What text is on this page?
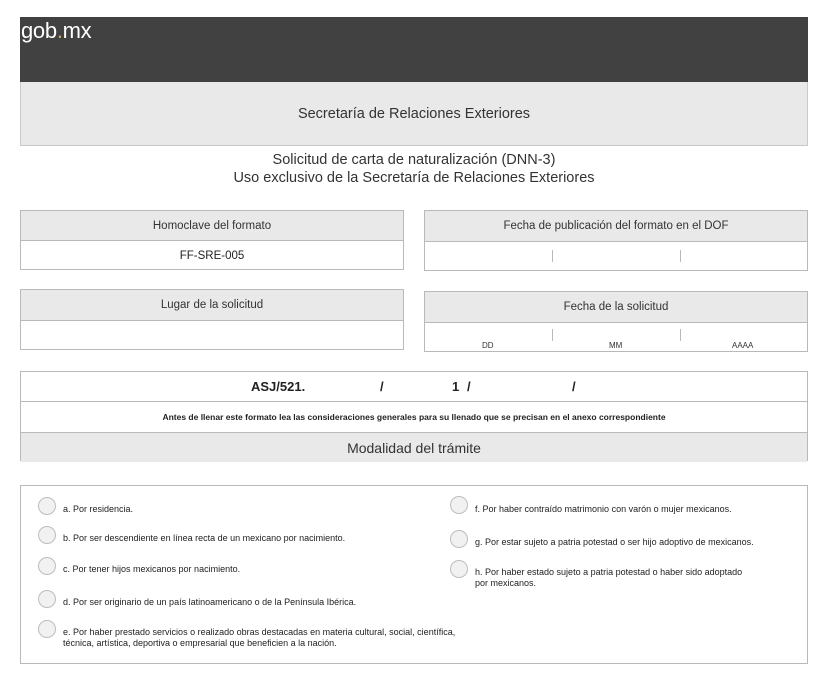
gob.mx
Secretaría de Relaciones Exteriores
Solicitud de carta de naturalización (DNN-3)
Uso exclusivo de la Secretaría de Relaciones Exteriores
Homoclave del formato
FF-SRE-005
Fecha de publicación del formato en el DOF
Lugar de la solicitud	Fecha de la solicitud
DD	MM	AAAA
ASJ/521.	/	1 /	/
Antes de llenar este formato lea las consideraciones generales para su llenado que se precisan en el anexo correspondiente
Modalidad del trámite
a. Por residencia.
b. Por ser descendiente en línea recta de un mexicano por nacimiento.
c. Por tener hijos mexicanos por nacimiento.
d. Por ser originario de un país latinoamericano o de la Península Ibérica.
e. Por haber prestado servicios o realizado obras destacadas en materia cultural, social, científica, técnica, artística, deportiva o empresarial que beneficien a la nación.
f. Por haber contraído matrimonio con varón o mujer mexicanos.
g. Por estar sujeto a patria potestad o ser hijo adoptivo de mexicanos.
h. Por haber estado sujeto a patria potestad o haber sido adoptado por mexicanos.
